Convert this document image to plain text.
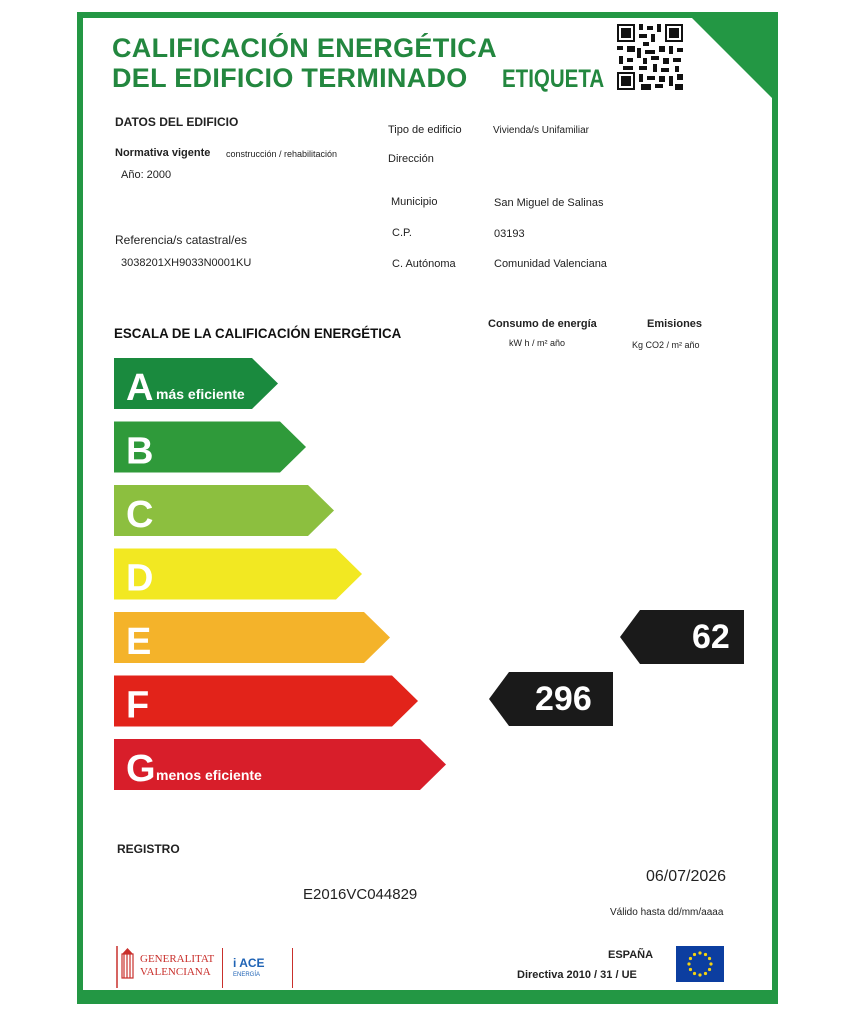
CALIFICACIÓN ENERGÉTICA
DEL EDIFICIO TERMINADO ETIQUETA
DATOS DEL EDIFICIO
Normativa vigente construcción / rehabilitación
Año: 2000
Referencia/s catastral/es
3038201XH9033N0001KU
Tipo de edificio	Vivienda/s Unifamiliar
Dirección
Municipio	San Miguel de Salinas
C.P.	03193
C. Autónoma	Comunidad Valenciana
ESCALA DE LA CALIFICACIÓN ENERGÉTICA
Consumo de energía
kW h / m² año
Emisiones
Kg CO2 / m² año
A más eficiente
B
C
D
E
F
G menos eficiente
62
296
REGISTRO
E2016VC044829
06/07/2026
Válido hasta dd/mm/aaaa
GENERALITAT
VALENCIANA
i ACE
ENERGÍA
ESPAÑA
Directiva 2010 / 31 / UE
